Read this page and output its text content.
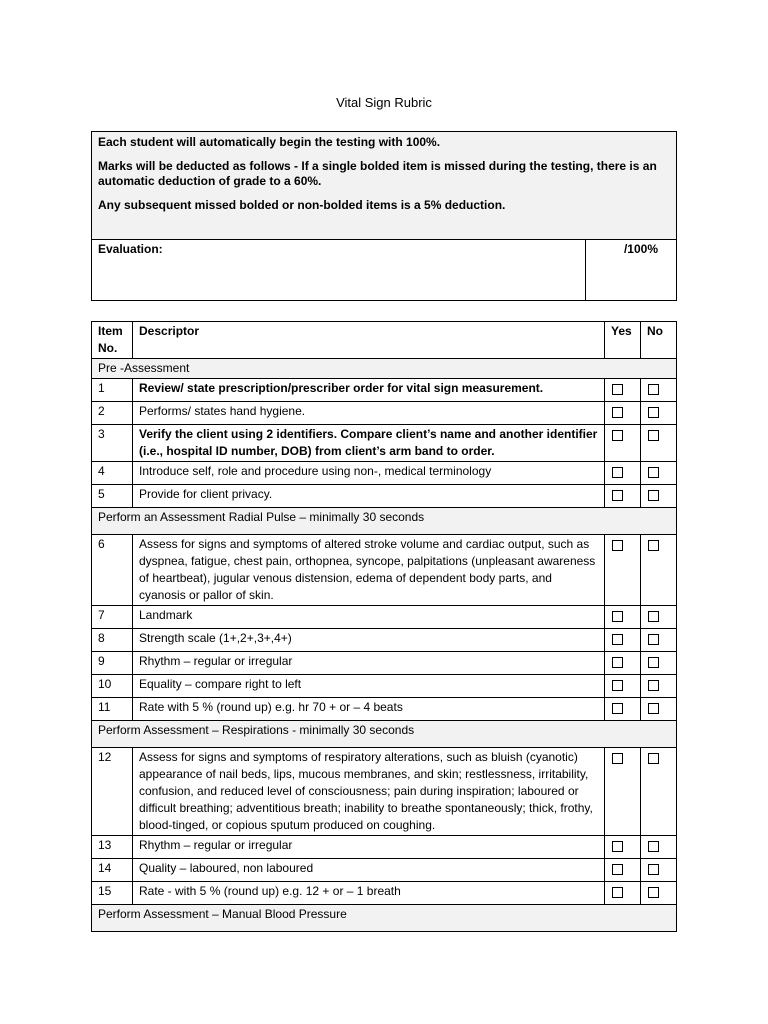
Vital Sign Rubric

Each student will automatically begin the testing with 100%.

Marks will be deducted as follows - If a single bolded item is missed during the testing, there is an automatic deduction of grade to a 60%.

Any subsequent missed bolded or non-bolded items is a 5% deduction.

Evaluation:	/100%
Item No.	Descriptor	Yes	No
Pre -Assessment			
1	Review/ state prescription/prescriber order for vital sign measurement.		
2	Performs/ states hand hygiene.		
3	Verify the client using 2 identifiers. Compare client’s name and another identifier (i.e., hospital ID number, DOB) from client’s arm band to order.		
4	Introduce self, role and procedure using non-, medical terminology		
5	Provide for client privacy.		
Perform an Assessment Radial Pulse – minimally 30 seconds			
6	Assess for signs and symptoms of altered stroke volume and cardiac output, such as dyspnea, fatigue, chest pain, orthopnea, syncope, palpitations (unpleasant awareness of heartbeat), jugular venous distension, edema of dependent body parts, and cyanosis or pallor of skin.		
7	Landmark		
8	Strength scale (1+,2+,3+,4+)		
9	Rhythm – regular or irregular		
10	Equality – compare right to left		
11	Rate with 5 % (round up) e.g. hr 70 + or – 4 beats		
Perform Assessment – Respirations - minimally 30 seconds			
12	Assess for signs and symptoms of respiratory alterations, such as bluish (cyanotic) appearance of nail beds, lips, mucous membranes, and skin; restlessness, irritability, confusion, and reduced level of consciousness; pain during inspiration; laboured or difficult breathing; adventitious breath; inability to breathe spontaneously; thick, frothy, blood-tinged, or copious sputum produced on coughing.		
13	Rhythm – regular or irregular		
14	Quality – laboured, non laboured		
15	Rate - with 5 % (round up) e.g. 12 + or – 1 breath		
Perform Assessment – Manual Blood Pressure			
